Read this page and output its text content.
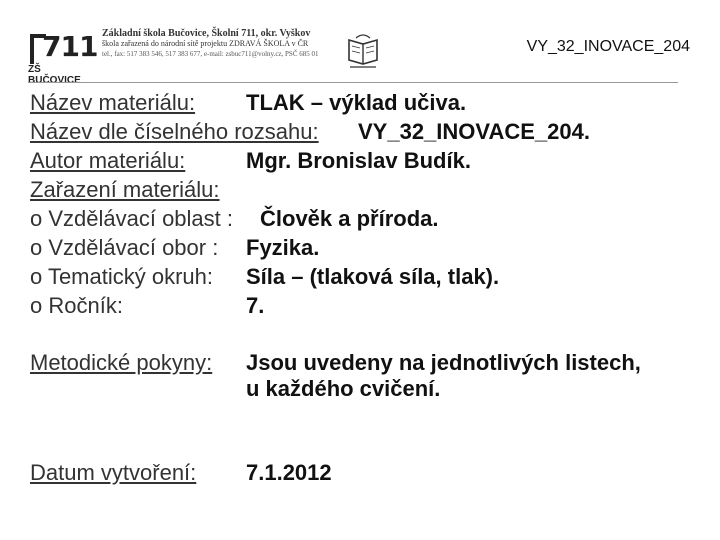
711
ZŠ BUČOVICE
Základní škola Bučovice, Školní 711, okr. Vyškov
škola zařazená do národní sítě projektu ZDRAVÁ ŠKOLA v ČR
tel., fax: 517 383 546, 517 383 677, e-mail: zsbuc711@volny.cz, PSČ 685 01	VY_32_INOVACE_204
Název materiálu: TLAK – výklad učiva.
Název dle číselného rozsahu: VY_32_INOVACE_204.
Autor materiálu:	Mgr. Bronislav Budík.
Zařazení materiálu:
o Vzdělávací oblast : Člověk a příroda.
o Vzdělávací obor : Fyzika.
o Tematický okruh: Síla – (tlaková síla, tlak).
o Ročník:	7.
Metodické pokyny: Jsou uvedeny na jednotlivých listech,
u každého cvičení.
Datum vytvoření: 7.1.2012
